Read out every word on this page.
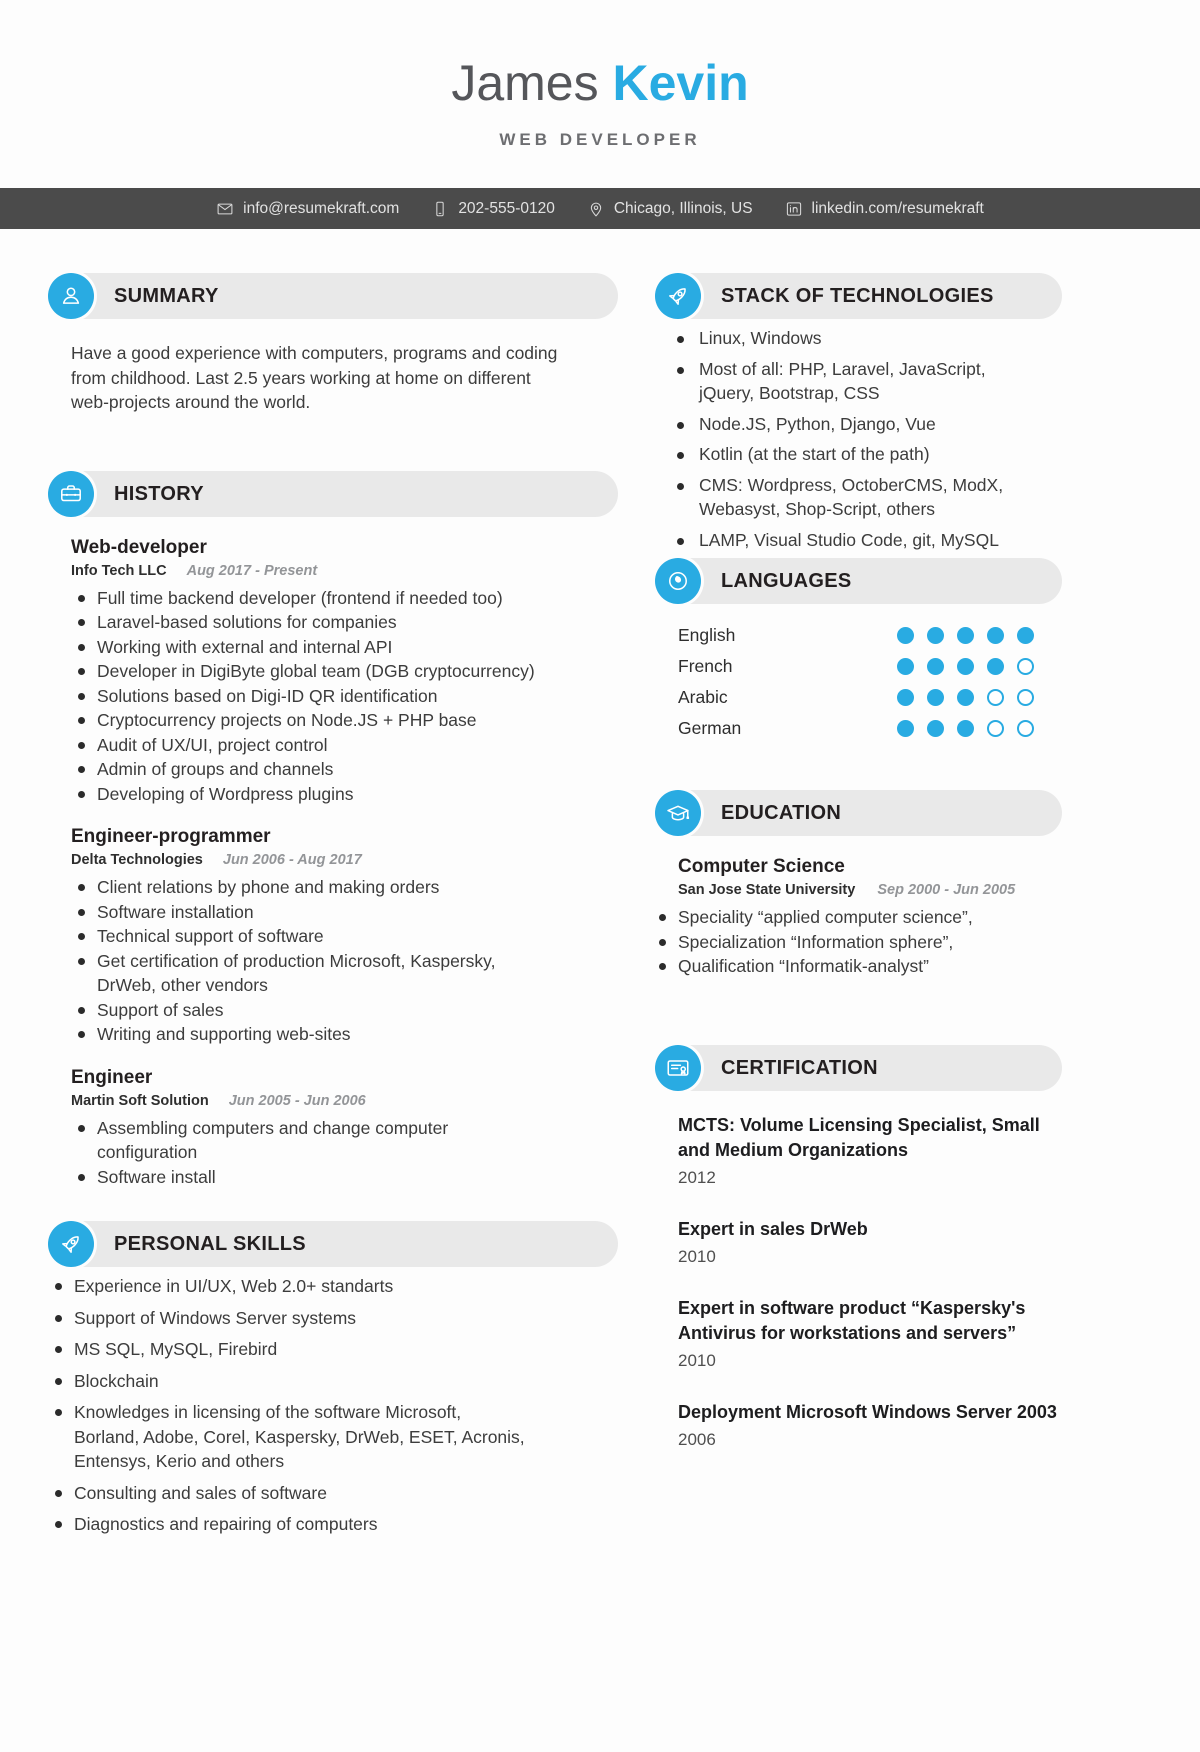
James Kevin
WEB DEVELOPER
info@resumekraft.com	202-555-0120	Chicago, Illinois, US	linkedin.com/resumekraft
SUMMARY
Have a good experience with computers, programs and coding from childhood. Last 2.5 years working at home on different web-projects around the world.
HISTORY
Web-developer
Info Tech LLC Aug 2017 - Present
Full time backend developer (frontend if needed too)
Laravel-based solutions for companies
Working with external and internal API
Developer in DigiByte global team (DGB cryptocurrency)
Solutions based on Digi-ID QR identification
Cryptocurrency projects on Node.JS + PHP base
Audit of UX/UI, project control
Admin of groups and channels
Developing of Wordpress plugins
Engineer-programmer
Delta Technologies Jun 2006 - Aug 2017
Client relations by phone and making orders
Software installation
Technical support of software
Get certification of production Microsoft, Kaspersky, DrWeb, other vendors
Support of sales
Writing and supporting web-sites
Engineer
Martin Soft Solution Jun 2005 - Jun 2006
Assembling computers and change computer configuration
Software install
PERSONAL SKILLS
Experience in UI/UX, Web 2.0+ standarts
Support of Windows Server systems
MS SQL, MySQL, Firebird
Blockchain
Knowledges in licensing of the software Microsoft, Borland, Adobe, Corel, Kaspersky, DrWeb, ESET, Acronis, Entensys, Kerio and others
Consulting and sales of software
Diagnostics and repairing of computers
STACK OF TECHNOLOGIES
Linux, Windows
Most of all: PHP, Laravel, JavaScript, jQuery, Bootstrap, CSS
Node.JS, Python, Django, Vue
Kotlin (at the start of the path)
CMS: Wordpress, OctoberCMS, ModX, Webasyst, Shop-Script, others
LAMP, Visual Studio Code, git, MySQL
LANGUAGES
English
French
Arabic
German
EDUCATION
Computer Science
San Jose State University Sep 2000 - Jun 2005
Speciality “applied computer science”,
Specialization “Information sphere”,
Qualification “Informatik-analyst”
CERTIFICATION
MCTS: Volume Licensing Specialist, Small and Medium Organizations
2012
Expert in sales DrWeb
2010
Expert in software product “Kaspersky's Antivirus for workstations and servers”
2010
Deployment Microsoft Windows Server 2003
2006
